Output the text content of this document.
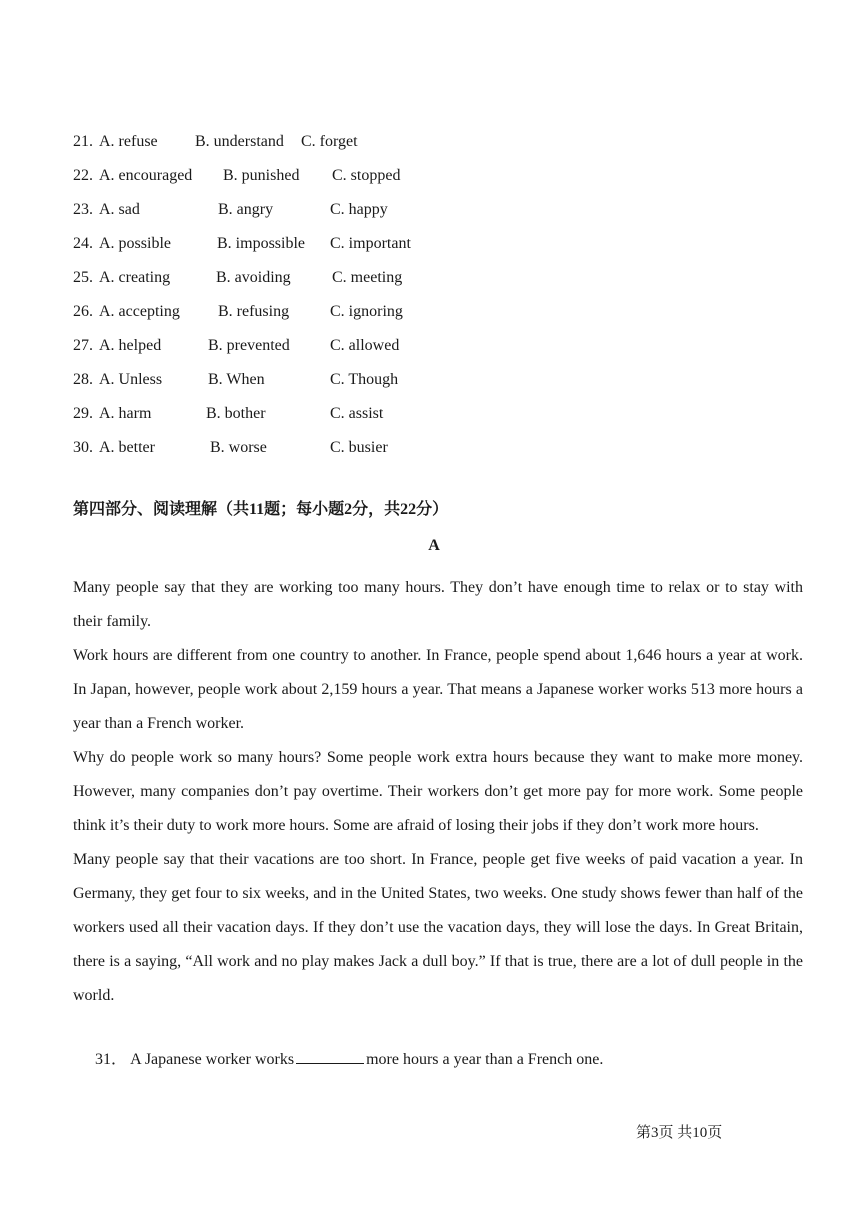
21. A. refuse B. understand C. forget
22. A. encouraged B. punished C. stopped
23. A. sad	B. angry	C. happy
24. A. possible	B. impossible C. important
25. A. creating	B. avoiding	C. meeting
26. A. accepting B. refusing	C. ignoring
27. A. helped	B. prevented	C. allowed
28. A. Unless	B. When	C. Though
29. A. harm	B. bother	C. assist
30. A. better	B. worse	C. busier
第四部分、阅读理解（共11题；每小题2分，共22分）
A

Many people say that they are working too many hours. They don’t have enough time to relax or to stay with their family.

Work hours are different from one country to another. In France, people spend about 1,646 hours a year at work. In Japan, however, people work about 2,159 hours a year. That means a Japanese worker works 513 more hours a year than a French worker.

Why do people work so many hours? Some people work extra hours because they want to make more money. However, many companies don’t pay overtime. Their workers don’t get more pay for more work. Some people think it’s their duty to work more hours. Some are afraid of losing their jobs if they don’t work more hours.

Many people say that their vacations are too short. In France, people get five weeks of paid vacation a year. In Germany, they get four to six weeks, and in the United States, two weeks. One study shows fewer than half of the workers used all their vacation days. If they don’t use the vacation days, they will lose the days. In Great Britain, there is a saying, “All work and no play makes Jack a dull boy.” If that is true, there are a lot of dull people in the world.

31． A Japanese worker works	more hours a year than a French one.
第3页 共10页
